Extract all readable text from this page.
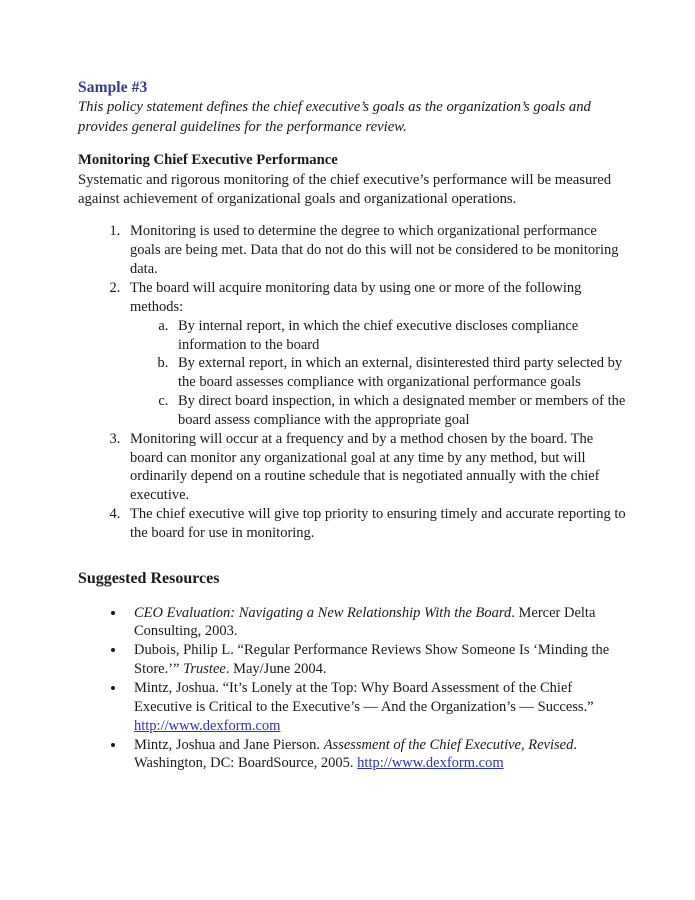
Sample #3

This policy statement defines the chief executive’s goals as the organization’s goals and provides general guidelines for the performance review.

Monitoring Chief Executive Performance

Systematic and rigorous monitoring of the chief executive’s performance will be measured against achievement of organizational goals and organizational operations.

1. Monitoring is used to determine the degree to which organizational performance goals are being met. Data that do not do this will not be considered to be monitoring data.
2. The board will acquire monitoring data by using one or more of the following methods:
a. By internal report, in which the chief executive discloses compliance information to the board
b. By external report, in which an external, disinterested third party selected by the board assesses compliance with organizational performance goals
c. By direct board inspection, in which a designated member or members of the board assess compliance with the appropriate goal
3. Monitoring will occur at a frequency and by a method chosen by the board. The board can monitor any organizational goal at any time by any method, but will ordinarily depend on a routine schedule that is negotiated annually with the chief executive.
4. The chief executive will give top priority to ensuring timely and accurate reporting to the board for use in monitoring.
Suggested Resources
• CEO Evaluation: Navigating a New Relationship With the Board. Mercer Delta Consulting, 2003.
• Dubois, Philip L. “Regular Performance Reviews Show Someone Is ‘Minding the Store.’” Trustee. May/June 2004.
• Mintz, Joshua. “It’s Lonely at the Top: Why Board Assessment of the Chief Executive is Critical to the Executive’s — And the Organization’s — Success.” http://www.dexform.com
• Mintz, Joshua and Jane Pierson. Assessment of the Chief Executive, Revised. Washington, DC: BoardSource, 2005. http://www.dexform.com
